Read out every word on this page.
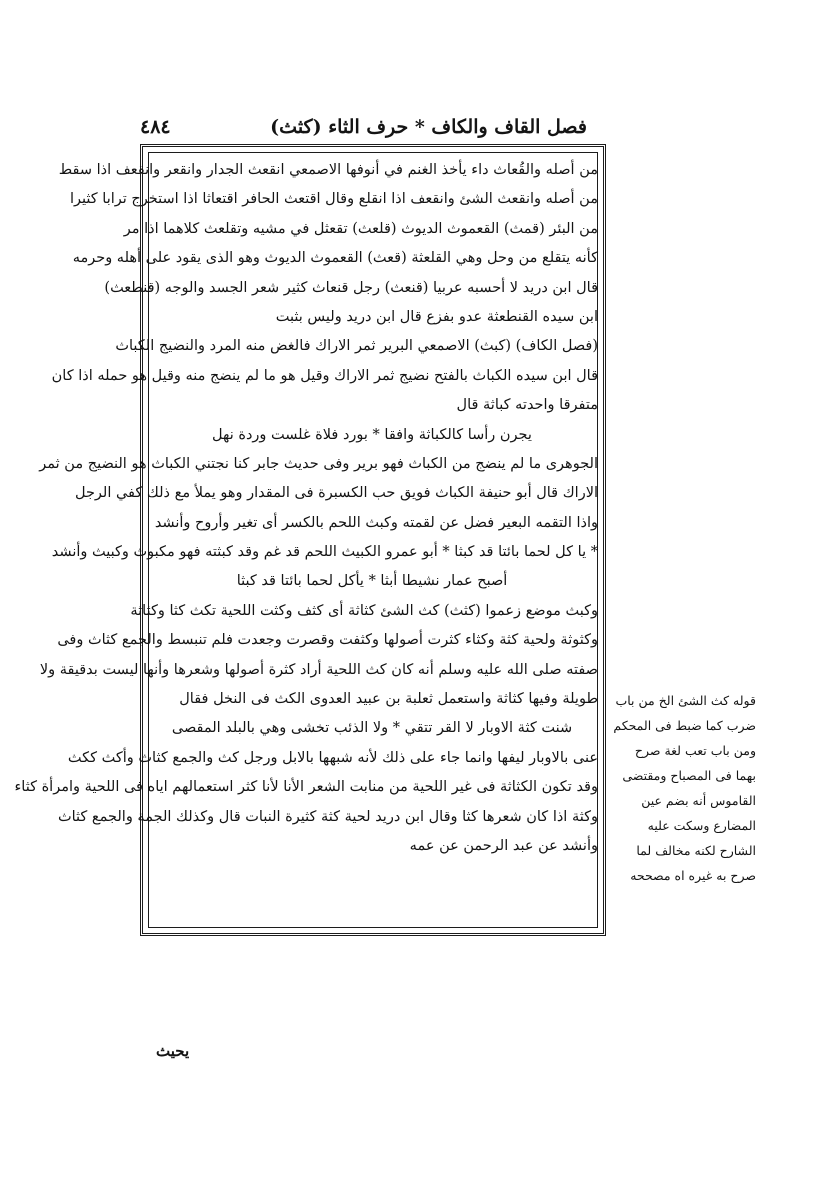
٤٨٤	فصل القاف والكاف * حرف الثاء (كثث)
من أصله والقُعاث داء يأخذ الغنم في أنوفها الاصمعي انقعث الجدار وانقعر وانقعف اذا سقط
من أصله وانقعث الشئ وانقعف اذا انقلع وقال اقتعث الحافر اقتعاثا اذا استخرج ترابا كثيرا
من البئر (قمث) القعموث الديوث (قلعث) تقعثل في مشيه وتقلعث كلاهما اذا مر
كأنه يتقلع من وحل وهي القلعثة (قعث) القعموث الديوث وهو الذى يقود على أهله وحرمه
قال ابن دريد لا أحسبه عربيا (قنعث) رجل قنعاث كثير شعر الجسد والوجه (قنطعث)
ابن سيده القنطعثة عدو بفزع قال ابن دريد وليس بثبت
(فصل الكاف) (كبث) الاصمعي البرير ثمر الاراك فالغض منه المرد والنضيج الكباث
قال ابن سيده الكباث بالفتح نضيج ثمر الاراك وقيل هو ما لم ينضج منه وقيل هو حمله اذا كان
متفرقا واحدته كباثة قال
يجرن رأسا كالكباثة وافقا * بورد فلاة غلست وردة نهل
الجوهرى ما لم ينضج من الكباث فهو برير وفى حديث جابر كنا نجتني الكباث هو النضيج من ثمر
الاراك قال أبو حنيفة الكباث فويق حب الكسبرة فى المقدار وهو يملأ مع ذلك كفي الرجل
واذا التقمه البعير فضل عن لقمته وكبث اللحم بالكسر أى تغير وأروح وأنشد
* يا كل لحما بائتا قد كبثا * أبو عمرو الكبيث اللحم قد غم وقد كبثته فهو مكبوث وكبيث وأنشد
أصبح عمار نشيطا أبثا * يأكل لحما بائتا قد كبثا
وكبث موضع زعموا (كثث) كث الشئ كثاثة أى كثف وكثت اللحية تكث كثا وكثاثة
وكثوثة ولحية كثة وكثاء كثرت أصولها وكثفت وقصرت وجعدت فلم تنبسط والجمع كثاث وفى
صفته صلى الله عليه وسلم أنه كان كث اللحية أراد كثرة أصولها وشعرها وأنها ليست بدقيقة ولا
طويلة وفيها كثاثة واستعمل ثعلبة بن عبيد العدوى الكث فى النخل فقال
شنت كثة الاوبار لا القر تتقي * ولا الذئب تخشى وهي بالبلد المقصى
عنى بالاوبار ليفها وانما جاء على ذلك لأنه شبهها بالابل ورجل كث والجمع كثاث وأكث ككث
وقد تكون الكثاثة فى غير اللحية من منابت الشعر الأنا لأنا كثر استعمالهم اياه فى اللحية وامرأة كثاء
وكثة اذا كان شعرها كثا وقال ابن دريد لحية كثة كثيرة النبات قال وكذلك الجمة والجمع كثاث
وأنشد عن عبد الرحمن عن عمه
قوله كث الشئ الخ من باب
ضرب كما ضبط فى المحكم
ومن باب تعب لغة صرح
بهما فى المصباح ومقتضى
القاموس أنه بضم عين
المضارع وسكت عليه
الشارح لكنه مخالف لما
صرح به غيره اه مصححه
يحيث
